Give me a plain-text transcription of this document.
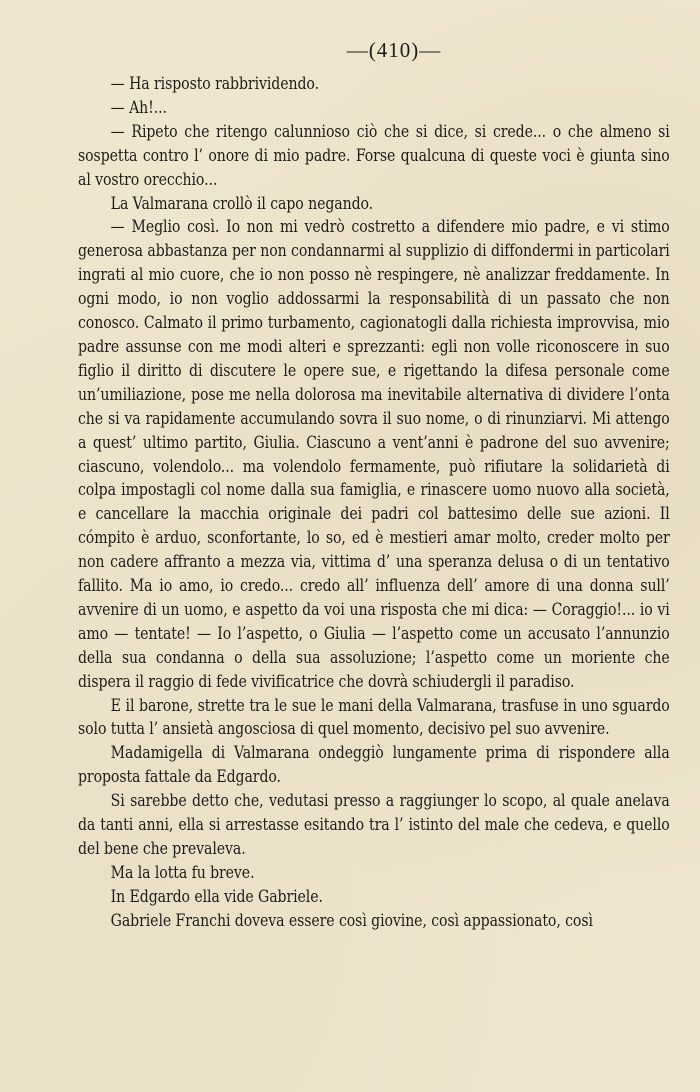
—(410)—

— Ha risposto rabbrividendo.

— Ah!...

— Ripeto che ritengo calunnioso ciò che si dice, si crede... o che almeno si sospetta contro l’ onore di mio padre. Forse qualcuna di queste voci è giunta sino al vostro orecchio...

La Valmarana crollò il capo negando.

— Meglio così. Io non mi vedrò costretto a difendere mio padre, e vi stimo generosa abbastanza per non condannarmi al supplizio di diffondermi in particolari ingrati al mio cuore, che io non posso nè respingere, nè analizzar freddamente. In ogni modo, io non voglio addossarmi la responsabilità di un passato che non conosco. Calmato il primo turbamento, cagionatogli dalla richiesta improvvisa, mio padre assunse con me modi alteri e sprezzanti: egli non volle riconoscere in suo figlio il diritto di discutere le opere sue, e rigettando la difesa personale come un’umiliazione, pose me nella dolorosa ma inevitabile alternativa di dividere l’onta che si va rapidamente accumulando sovra il suo nome, o di rinunziarvi. Mi attengo a quest’ ultimo partito, Giulia. Ciascuno a vent’anni è padrone del suo avvenire; ciascuno, volendolo... ma volendolo fermamente, può rifiutare la solidarietà di colpa impostagli col nome dalla sua famiglia, e rinascere uomo nuovo alla società, e cancellare la macchia originale dei padri col battesimo delle sue azioni. Il cómpito è arduo, sconfortante, lo so, ed è mestieri amar molto, creder molto per non cadere affranto a mezza via, vittima d’ una speranza delusa o di un tentativo fallito. Ma io amo, io credo... credo all’ influenza dell’ amore di una donna sull’ avvenire di un uomo, e aspetto da voi una risposta che mi dica: — Coraggio!... io vi amo — tentate! — Io l’aspetto, o Giulia — l’aspetto come un accusato l’annunzio della sua condanna o della sua assoluzione; l’aspetto come un moriente che dispera il raggio di fede vivificatrice che dovrà schiudergli il paradiso.

E il barone, strette tra le sue le mani della Valmarana, trasfuse in uno sguardo solo tutta l’ ansietà angosciosa di quel momento, decisivo pel suo avvenire.

Madamigella di Valmarana ondeggiò lungamente prima di rispondere alla proposta fattale da Edgardo.

Si sarebbe detto che, vedutasi presso a raggiunger lo scopo, al quale anelava da tanti anni, ella si arrestasse esitando tra l’ istinto del male che cedeva, e quello del bene che prevaleva.

Ma la lotta fu breve.

In Edgardo ella vide Gabriele.

Gabriele Franchi doveva essere così giovine, così appassionato, così
